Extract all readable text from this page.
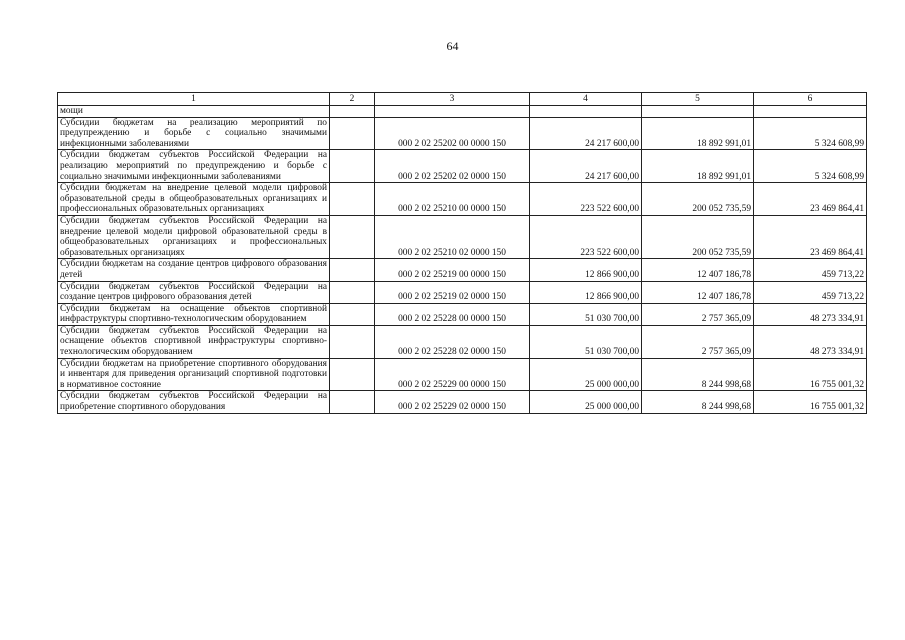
64
1	2	3	4	5	6
мощи					
Субсидии бюджетам на реализацию мероприятий по предупреждению и борьбе с социально значимыми инфекционными заболеваниями		000 2 02 25202 00 0000 150	24 217 600,00	18 892 991,01	5 324 608,99
Субсидии бюджетам субъектов Российской Федерации на реализацию мероприятий по предупреждению и борьбе с социально значимыми инфекционными заболеваниями		000 2 02 25202 02 0000 150	24 217 600,00	18 892 991,01	5 324 608,99
Субсидии бюджетам на внедрение целевой модели цифровой образовательной среды в общеобразовательных организациях и профессиональных образовательных организациях		000 2 02 25210 00 0000 150	223 522 600,00	200 052 735,59	23 469 864,41
Субсидии бюджетам субъектов Российской Федерации на внедрение целевой модели цифровой образовательной среды в общеобразовательных организациях и профессиональных образовательных организациях		000 2 02 25210 02 0000 150	223 522 600,00	200 052 735,59	23 469 864,41
Субсидии бюджетам на создание центров цифрового образования детей		000 2 02 25219 00 0000 150	12 866 900,00	12 407 186,78	459 713,22
Субсидии бюджетам субъектов Российской Федерации на создание центров цифрового образования детей		000 2 02 25219 02 0000 150	12 866 900,00	12 407 186,78	459 713,22
Субсидии бюджетам на оснащение объектов спортивной инфраструктуры спортивно-технологическим оборудованием		000 2 02 25228 00 0000 150	51 030 700,00	2 757 365,09	48 273 334,91
Субсидии бюджетам субъектов Российской Федерации на оснащение объектов спортивной инфраструктуры спортивно-технологическим оборудованием		000 2 02 25228 02 0000 150	51 030 700,00	2 757 365,09	48 273 334,91
Субсидии бюджетам на приобретение спортивного оборудования и инвентаря для приведения организаций спортивной подготовки в нормативное состояние		000 2 02 25229 00 0000 150	25 000 000,00	8 244 998,68	16 755 001,32
Субсидии бюджетам субъектов Российской Федерации на приобретение спортивного оборудования		000 2 02 25229 02 0000 150	25 000 000,00	8 244 998,68	16 755 001,32
